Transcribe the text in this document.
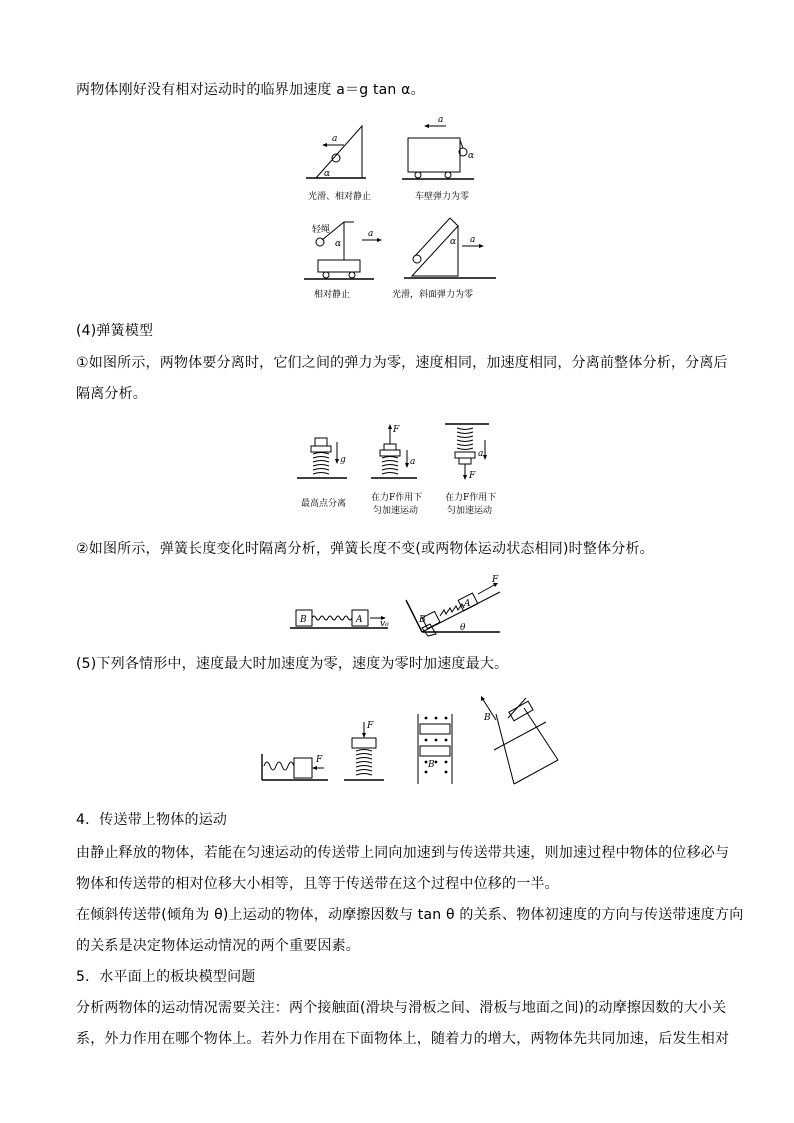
两物体刚好没有相对运动时的临界加速度 a＝g tan α。
a
α
光滑、相对静止
a
α
车壁弹力为零
轻绳
α
a
相对静止
α a
光滑，斜面弹力为零
(4)弹簧模型
①如图所示，两物体要分离时，它们之间的弹力为零，速度相同，加速度相同，分离前整体分析，分离后
隔离分析。
g
最高点分离
F
a
在力F作用下
匀加速运动
F
a
在力F作用下
匀加速运动
②如图所示，弹簧长度变化时隔离分析，弹簧长度不变(或两物体运动状态相同)时整体分析。
B	A v₀	B
A
F
θ
(5)下列各情形中，速度最大时加速度为零，速度为零时加速度最大。
F
F
B
B
4．传送带上物体的运动
由静止释放的物体，若能在匀速运动的传送带上同向加速到与传送带共速，则加速过程中物体的位移必与
物体和传送带的相对位移大小相等，且等于传送带在这个过程中位移的一半。
在倾斜传送带(倾角为 θ)上运动的物体，动摩擦因数与 tan θ 的关系、物体初速度的方向与传送带速度方向
的关系是决定物体运动情况的两个重要因素。
5．水平面上的板块模型问题
分析两物体的运动情况需要关注：两个接触面(滑块与滑板之间、滑板与地面之间)的动摩擦因数的大小关
系，外力作用在哪个物体上。若外力作用在下面物体上，随着力的增大，两物体先共同加速，后发生相对
